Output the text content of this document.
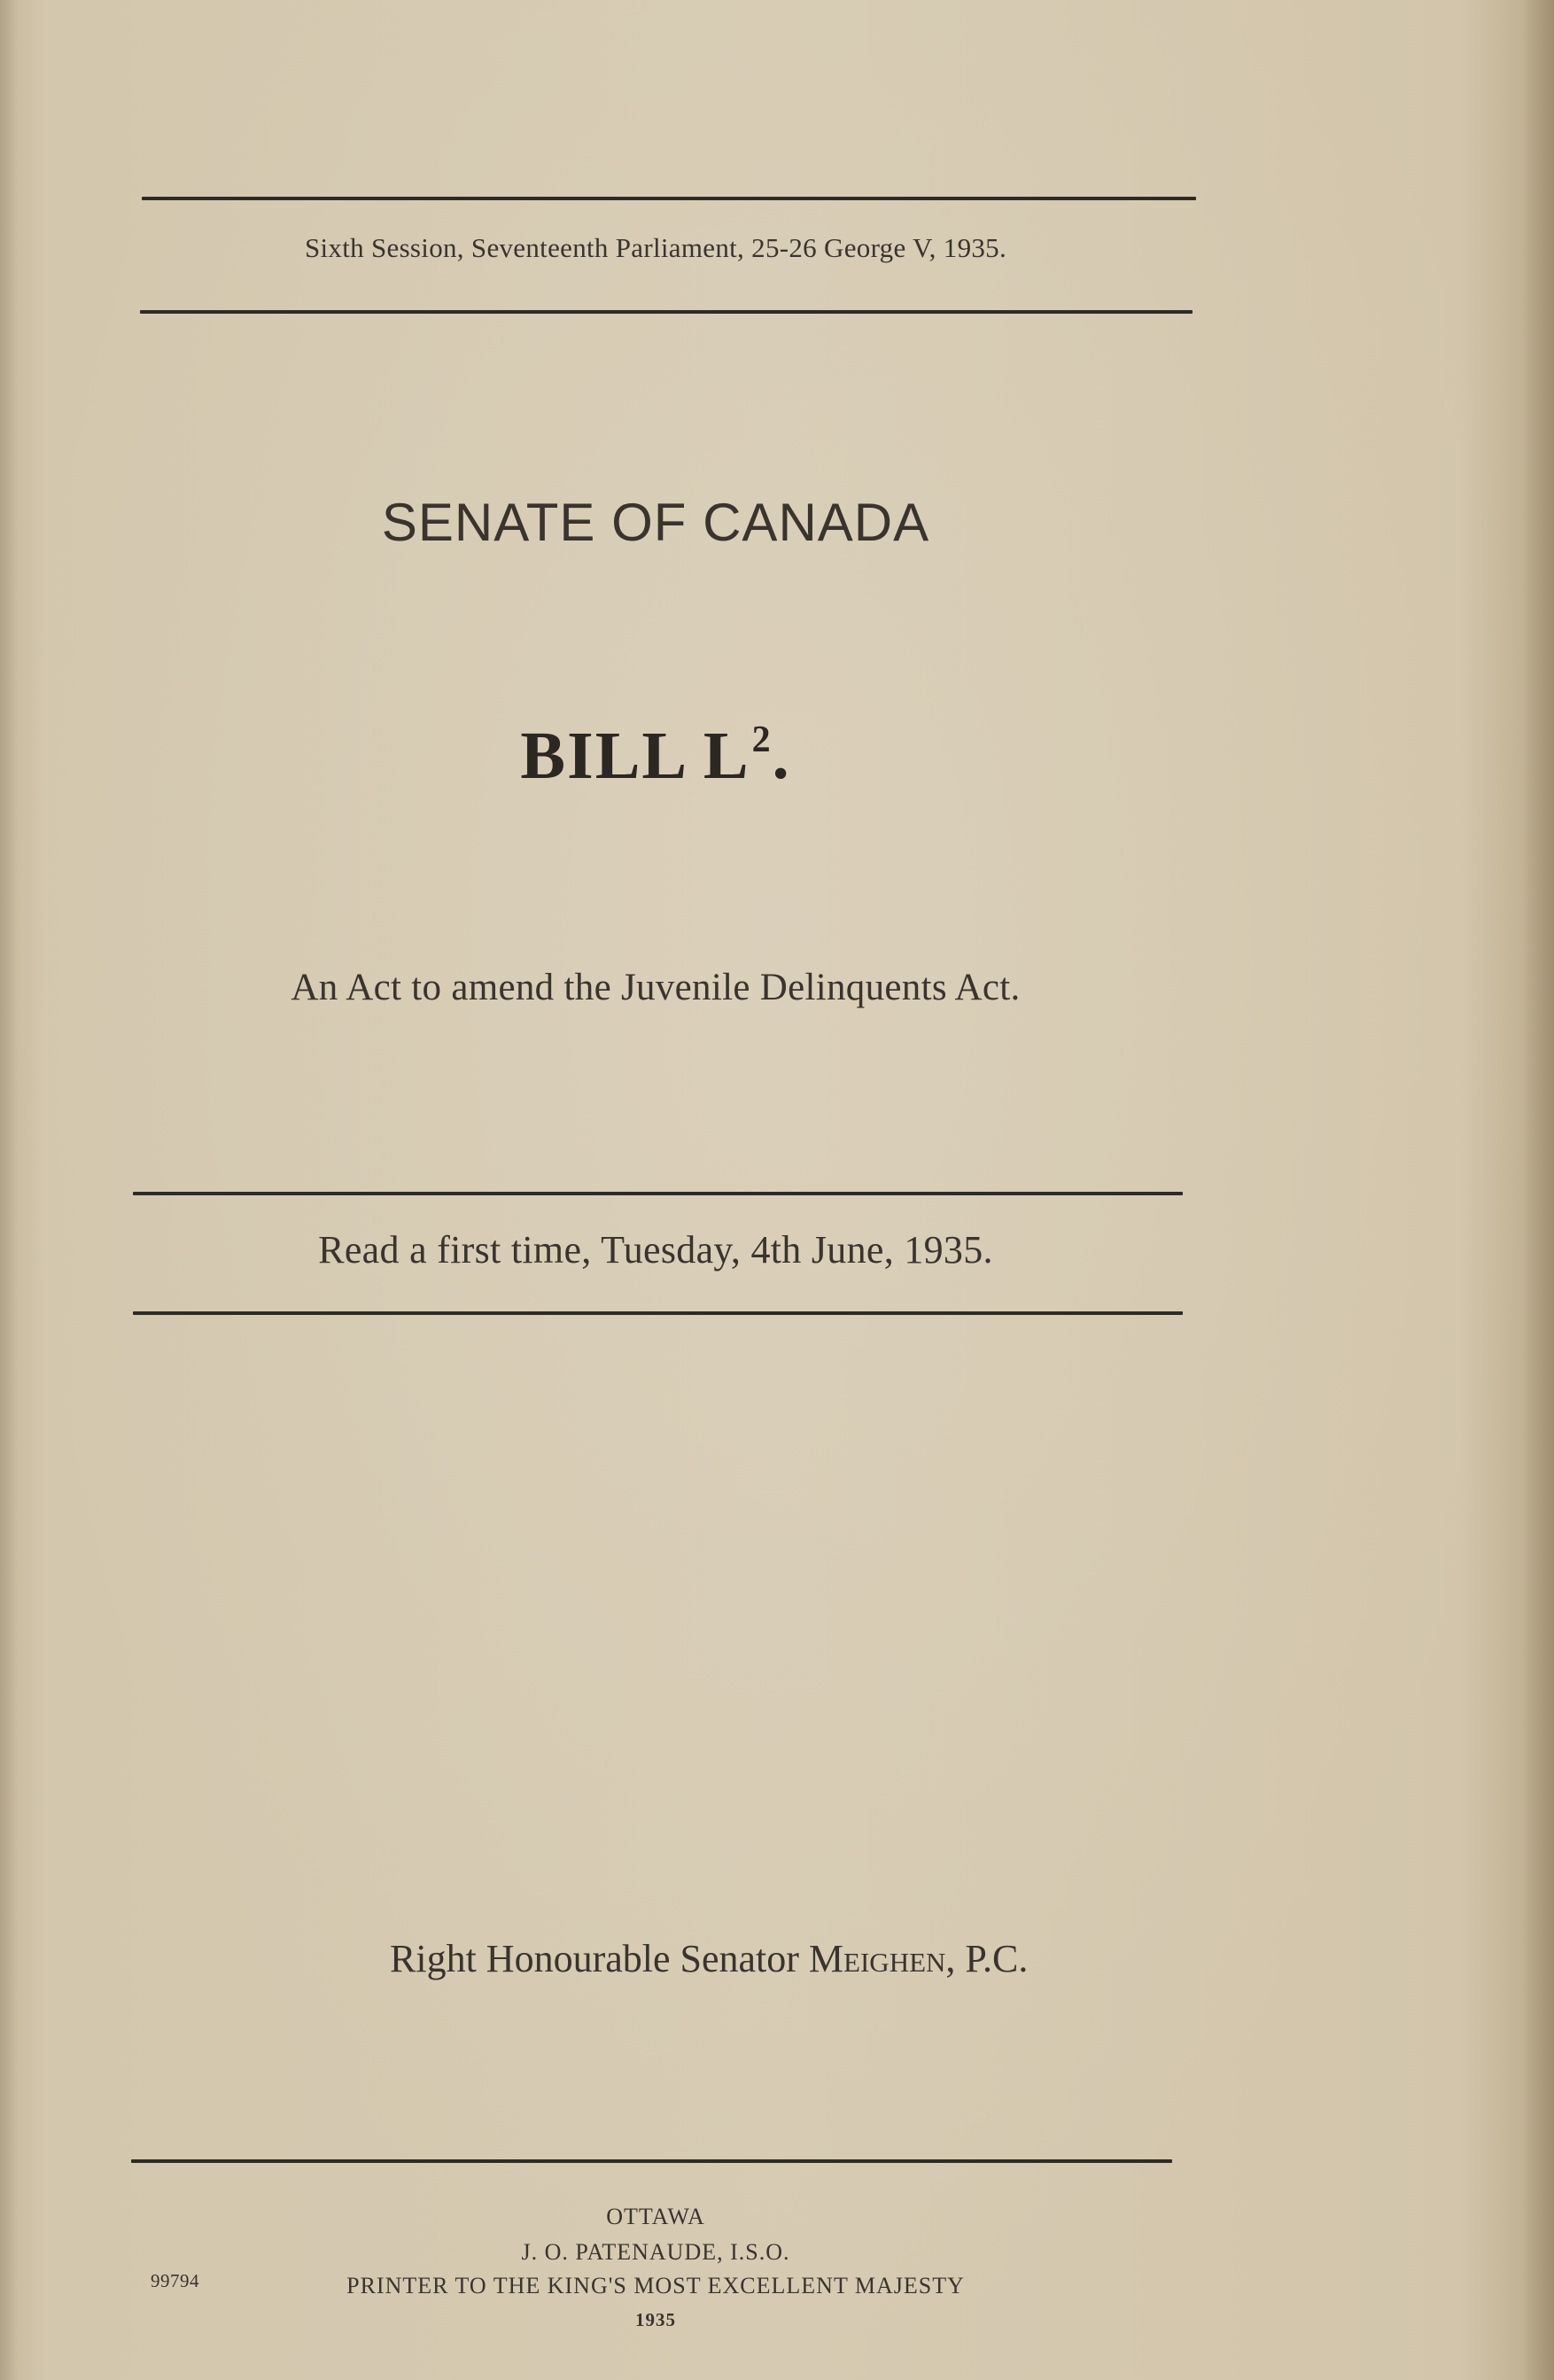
Sixth Session, Seventeenth Parliament, 25-26 George V, 1935.
SENATE OF CANADA
BILL $L^2$.
An Act to amend the Juvenile Delinquents Act.
Read a first time, Tuesday, 4th June, 1935.
Right Honourable Senator Meighen, P.C.
OTTAWA
J. O. PATENAUDE, I.S.O.
PRINTER TO THE KING'S MOST EXCELLENT MAJESTY
1935
99794
